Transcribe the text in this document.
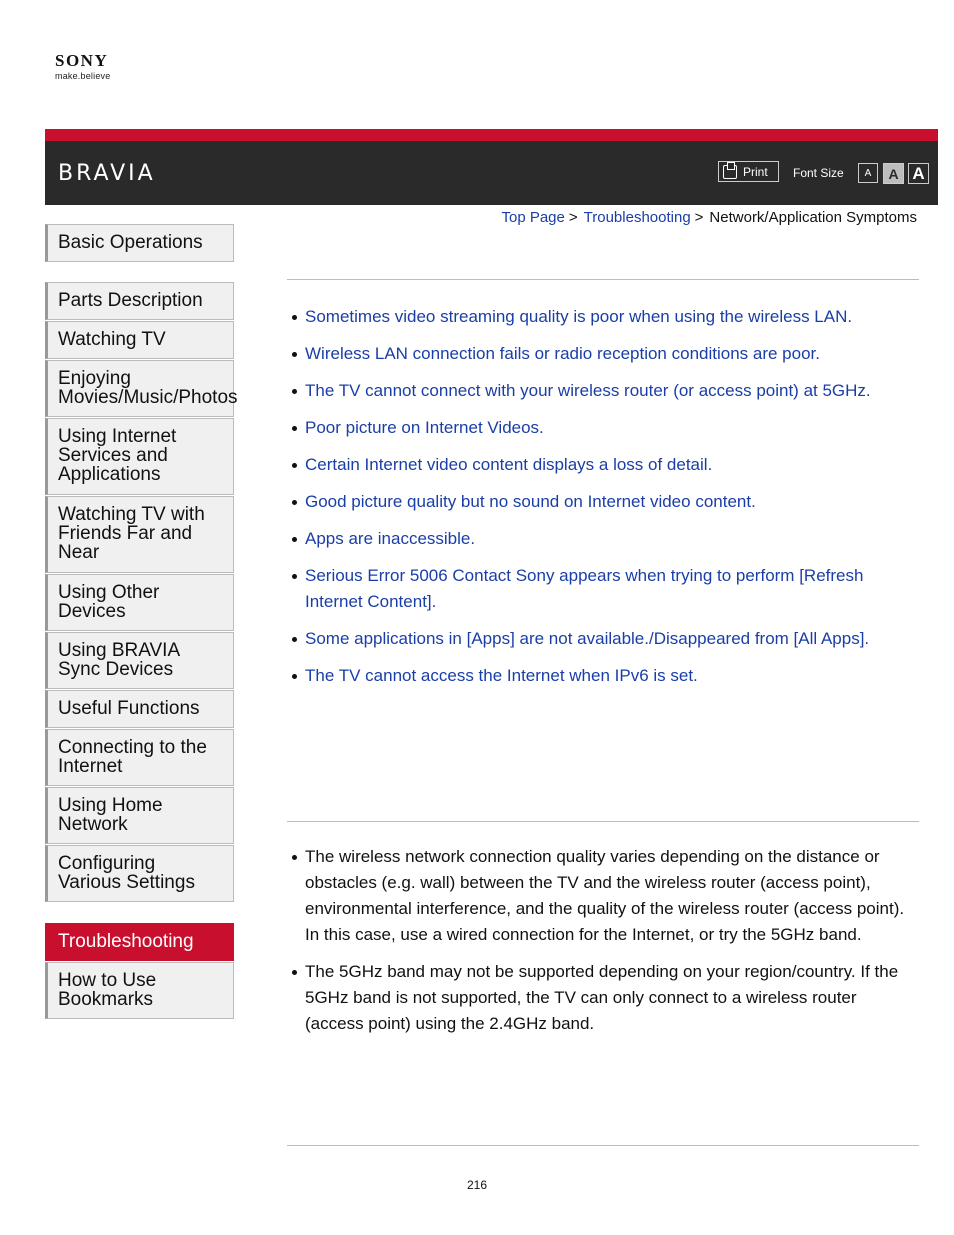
SONY
make.believe
BRAVIA	Print Font Size	A	A A
Top Page > Troubleshooting > Network/Application Symptoms
Basic Operations
Parts Description
Watching TV
Enjoying
Movies/Music/Photos
Using Internet
Services and
Applications
Watching TV with
Friends Far and
Near
Using Other
Devices
Using BRAVIA
Sync Devices
Useful Functions
Connecting to the
Internet
Using Home
Network
Configuring
Various Settings
Troubleshooting
How to Use
Bookmarks
Sometimes video streaming quality is poor when using the wireless LAN.
Wireless LAN connection fails or radio reception conditions are poor.
The TV cannot connect with your wireless router (or access point) at 5GHz.
Poor picture on Internet Videos.
Certain Internet video content displays a loss of detail.
Good picture quality but no sound on Internet video content.
Apps are inaccessible.
Serious Error 5006 Contact Sony appears when trying to perform [Refresh Internet Content].
Some applications in [Apps] are not available./Disappeared from [All Apps].
The TV cannot access the Internet when IPv6 is set.
The wireless network connection quality varies depending on the distance or obstacles (e.g. wall) between the TV and the wireless router (access point), environmental interference, and the quality of the wireless router (access point). In this case, use a wired connection for the Internet, or try the 5GHz band.
The 5GHz band may not be supported depending on your region/country. If the 5GHz band is not supported, the TV can only connect to a wireless router (access point) using the 2.4GHz band.
216
